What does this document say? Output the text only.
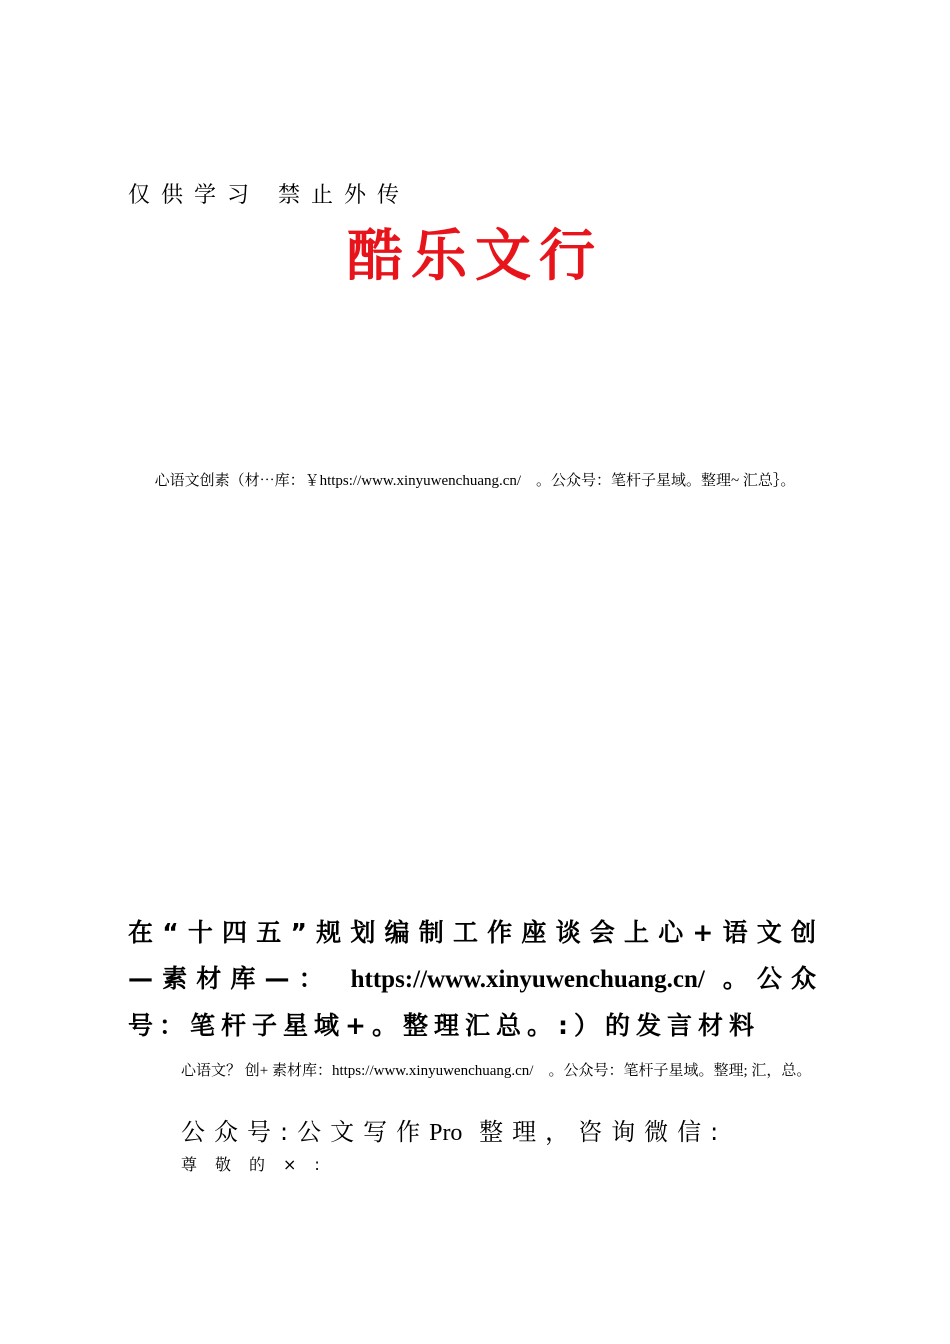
仅供学习 禁止外传
酷乐文行
心语文创素（材⋯库：￥https://www.xinyuwenchuang.cn/　。公众号：笔杆子星域。整理~ 汇总｝。
在“十四五”规划编制工作座谈会上心+语文创
—素材库—： https://www.xinyuwenchuang.cn/ 。公众
号：笔杆子星域+。整理汇总。:）的发言材料
心语文？ 创+ 素材库：https://www.xinyuwenchuang.cn/　。公众号：笔杆子星域。整理; 汇，总。
公众号:公文写作Pro 整理，咨询微信:
尊敬的×:
